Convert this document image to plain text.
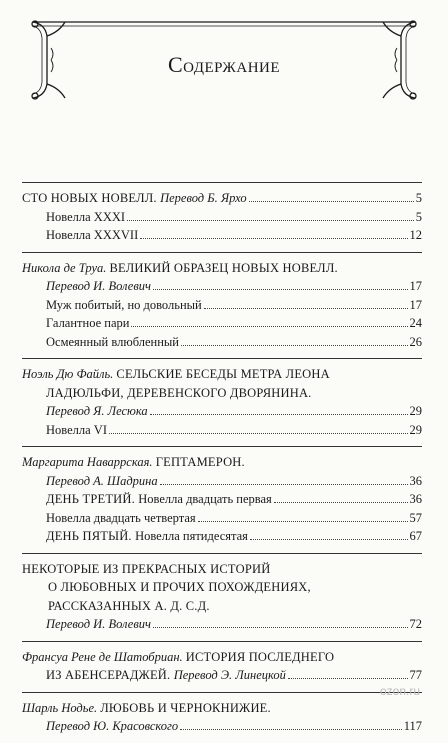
Содержание
СТО НОВЫХ НОВЕЛЛ. Перевод Б. Ярхо	5
Новелла XXXI	5
Новелла XXXVII	12
Никола де Труа. ВЕЛИКИЙ ОБРАЗЕЦ НОВЫХ НОВЕЛЛ.
Перевод И. Волевич	17
Муж побитый, но довольный	17
Галантное пари	24
Осмеянный влюбленный	26
Ноэль Дю Файль. СЕЛЬСКИЕ БЕСЕДЫ МЕТРА ЛЕОНА
ЛАДЮЛЬФИ, ДЕРЕВЕНСКОГО ДВОРЯНИНА.
Перевод Я. Лесюка	29
Новелла VI	29
Маргарита Наваррская. ГЕПТАМЕРОН.
Перевод А. Шадрина	36
ДЕНЬ ТРЕТИЙ. Новелла двадцать первая	36
Новелла двадцать четвертая	57
ДЕНЬ ПЯТЫЙ. Новелла пятидесятая	67
НЕКОТОРЫЕ ИЗ ПРЕКРАСНЫХ ИСТОРИЙ
О ЛЮБОВНЫХ И ПРОЧИХ ПОХОЖДЕНИЯХ,
РАССКАЗАННЫХ А. Д. С.Д.
Перевод И. Волевич	72
Франсуа Рене де Шатобриан. ИСТОРИЯ ПОСЛЕДНЕГО
ИЗ АБЕНСЕРАДЖЕЙ. Перевод Э. Линецкой	77
Шарль Нодье. ЛЮБОВЬ И ЧЕРНОКНИЖИЕ.
Перевод Ю. Красовского	117
ozon.ru
